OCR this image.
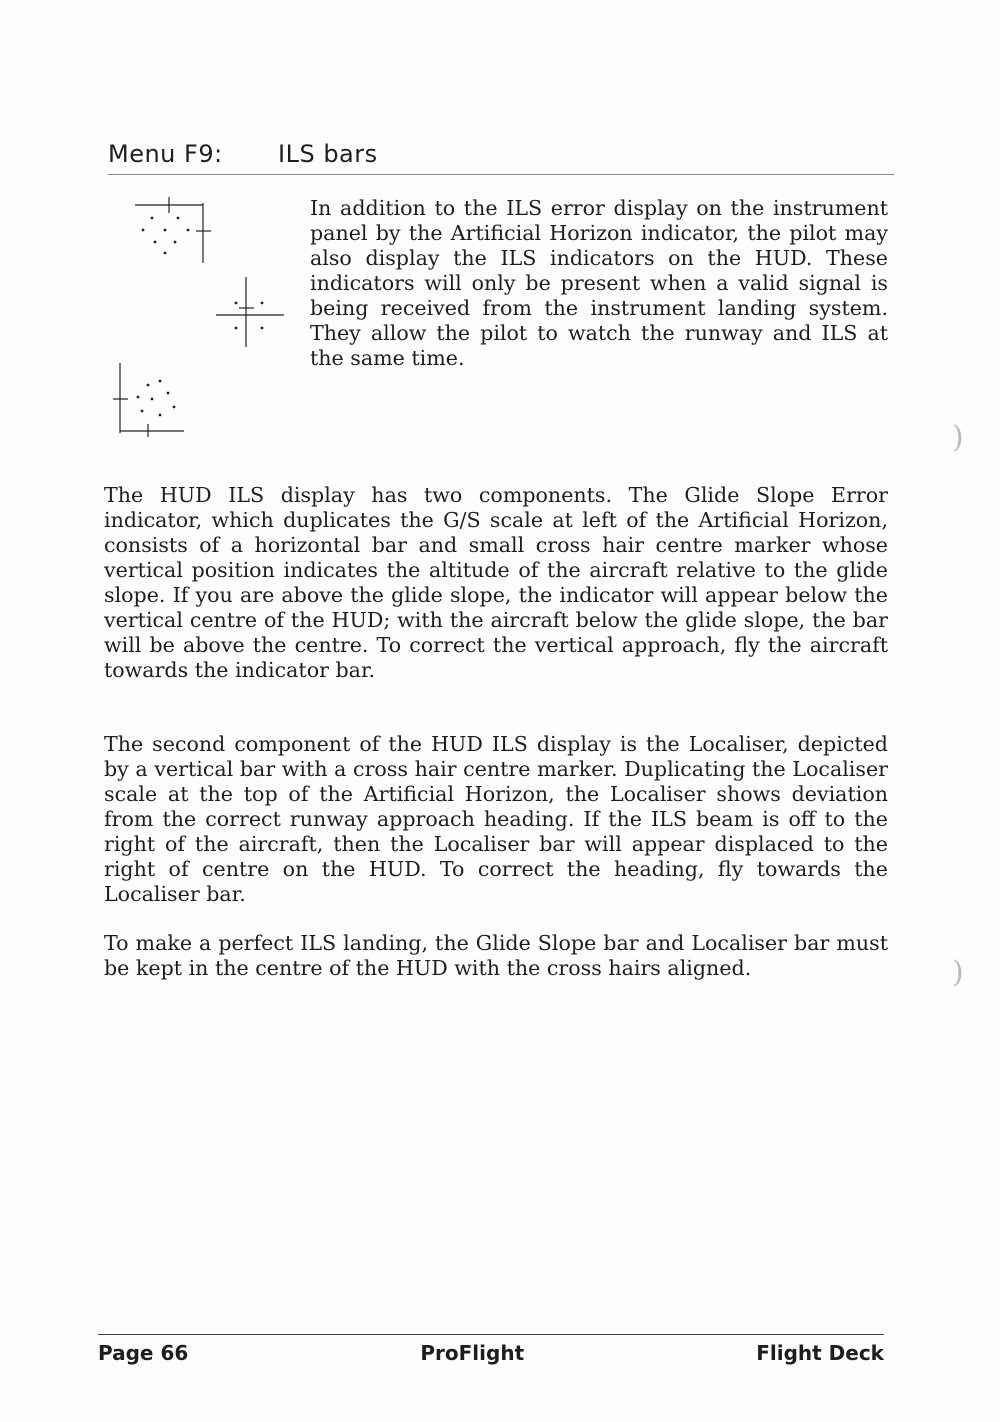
Menu F9:	ILS bars

In addition to the ILS error display on the instrument panel by the Artificial Horizon indicator, the pilot may also display the ILS indicators on the HUD. These indicators will only be present when a valid signal is being received from the instrument landing system. They allow the pilot to watch the runway and ILS at the same time.

The HUD ILS display has two components. The Glide Slope Error indicator, which duplicates the G/S scale at left of the Artificial Horizon, consists of a horizontal bar and small cross hair centre marker whose vertical position indicates the altitude of the aircraft relative to the glide slope. If you are above the glide slope, the indicator will appear below the vertical centre of the HUD; with the aircraft below the glide slope, the bar will be above the centre. To correct the vertical approach, fly the aircraft towards the indicator bar.

The second component of the HUD ILS display is the Localiser, depicted by a vertical bar with a cross hair centre marker. Duplicating the Localiser scale at the top of the Artificial Horizon, the Localiser shows deviation from the correct runway approach heading. If the ILS beam is off to the right of the aircraft, then the Localiser bar will appear displaced to the right of centre on the HUD. To correct the heading, fly towards the Localiser bar.

To make a perfect ILS landing, the Glide Slope bar and Localiser bar must be kept in the centre of the HUD with the cross hairs aligned.

)
)
Page 66	ProFlight	Flight Deck
